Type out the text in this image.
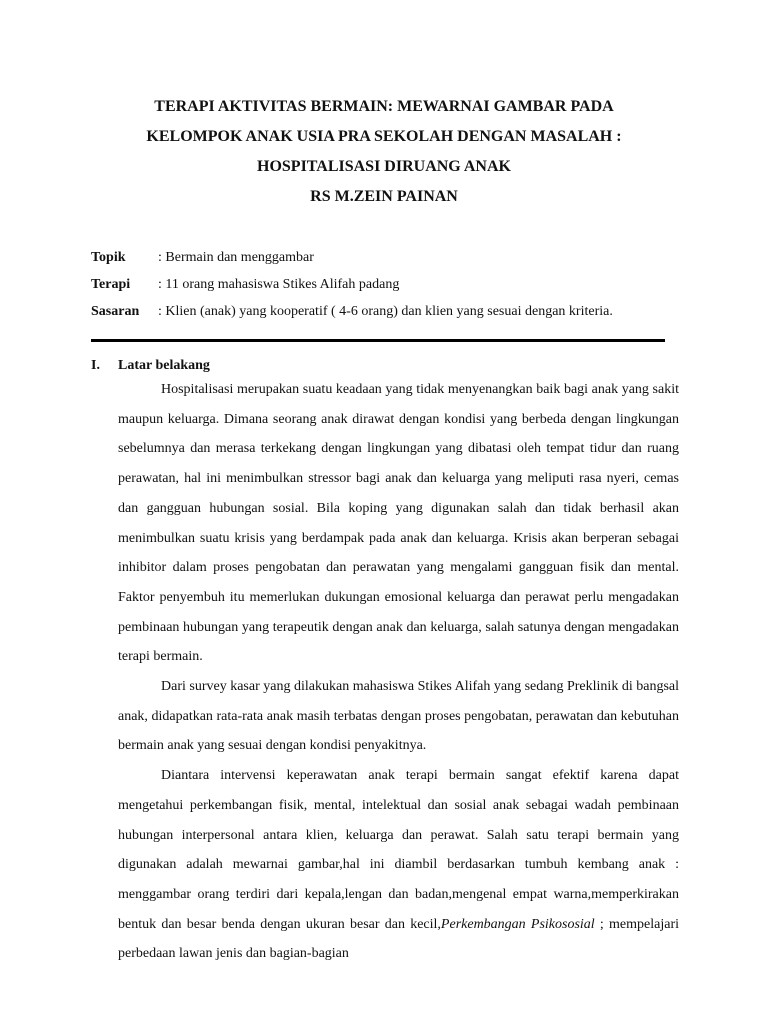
TERAPI AKTIVITAS BERMAIN: MEWARNAI GAMBAR PADA
KELOMPOK ANAK USIA PRA SEKOLAH DENGAN MASALAH :
HOSPITALISASI DIRUANG ANAK
RS M.ZEIN PAINAN
Topik : Bermain dan menggambar
Terapi : 11 orang mahasiswa Stikes Alifah padang
Sasaran : Klien (anak) yang kooperatif ( 4-6 orang) dan klien yang sesuai dengan kriteria.
I. Latar belakang

Hospitalisasi merupakan suatu keadaan yang tidak menyenangkan baik bagi anak yang sakit maupun keluarga. Dimana seorang anak dirawat dengan kondisi yang berbeda dengan lingkungan sebelumnya dan merasa terkekang dengan lingkungan yang dibatasi oleh tempat tidur dan ruang perawatan, hal ini menimbulkan stressor bagi anak dan keluarga yang meliputi rasa nyeri, cemas dan gangguan hubungan sosial. Bila koping yang digunakan salah dan tidak berhasil akan menimbulkan suatu krisis yang berdampak pada anak dan keluarga. Krisis akan berperan sebagai inhibitor dalam proses pengobatan dan perawatan yang mengalami gangguan fisik dan mental. Faktor penyembuh itu memerlukan dukungan emosional keluarga dan perawat perlu mengadakan pembinaan hubungan yang terapeutik dengan anak dan keluarga, salah satunya dengan mengadakan terapi bermain.

Dari survey kasar yang dilakukan mahasiswa Stikes Alifah yang sedang Preklinik di bangsal anak, didapatkan rata-rata anak masih terbatas dengan proses pengobatan, perawatan dan kebutuhan bermain anak yang sesuai dengan kondisi penyakitnya.

Diantara intervensi keperawatan anak terapi bermain sangat efektif karena dapat mengetahui perkembangan fisik, mental, intelektual dan sosial anak sebagai wadah pembinaan hubungan interpersonal antara klien, keluarga dan perawat. Salah satu terapi bermain yang digunakan adalah mewarnai gambar,hal ini diambil berdasarkan tumbuh kembang anak : menggambar orang terdiri dari kepala,lengan dan badan,mengenal empat warna,memperkirakan bentuk dan besar benda dengan ukuran besar dan kecil,Perkembangan Psikososial ; mempelajari perbedaan lawan jenis dan bagian-bagian
